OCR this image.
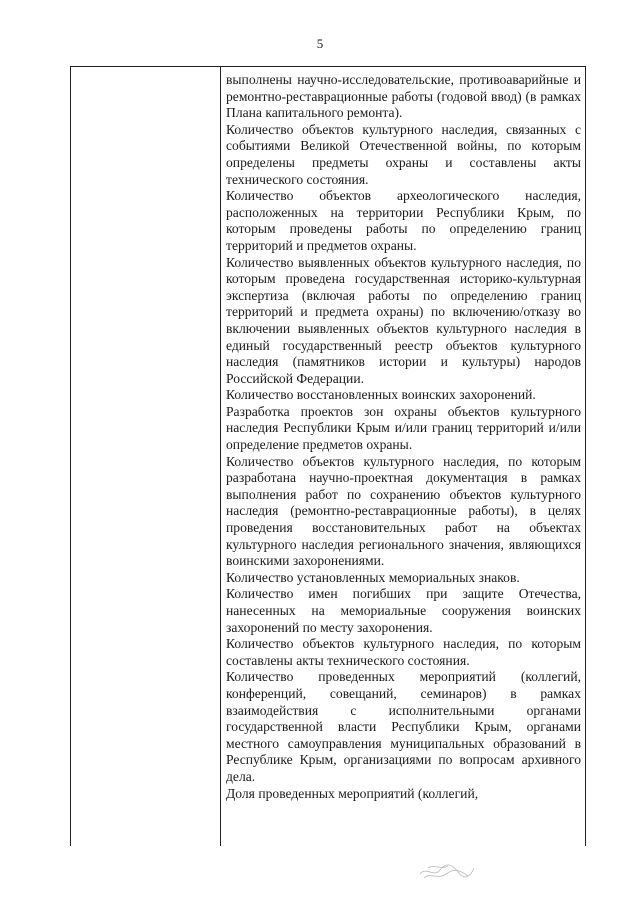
5

выполнены научно-исследовательские, противоаварийные и ремонтно-реставрационные работы (годовой ввод) (в рамках Плана капитального ремонта).

Количество объектов культурного наследия, связанных с событиями Великой Отечественной войны, по которым определены предметы охраны и составлены акты технического состояния.

Количество объектов археологического наследия, расположенных на территории Республики Крым, по которым проведены работы по определению границ территорий и предметов охраны.

Количество выявленных объектов культурного наследия, по которым проведена государственная историко-культурная экспертиза (включая работы по определению границ территорий и предмета охраны) по включению/отказу во включении выявленных объектов культурного наследия в единый государственный реестр объектов культурного наследия (памятников истории и культуры) народов Российской Федерации.

Количество восстановленных воинских захоронений.

Разработка проектов зон охраны объектов культурного наследия Республики Крым и/или границ территорий и/или определение предметов охраны.

Количество объектов культурного наследия, по которым разработана научно-проектная документация в рамках выполнения работ по сохранению объектов культурного наследия (ремонтно-реставрационные работы), в целях проведения восстановительных работ на объектах культурного наследия регионального значения, являющихся воинскими захоронениями.

Количество установленных мемориальных знаков.

Количество имен погибших при защите Отечества, нанесенных на мемориальные сооружения воинских захоронений по месту захоронения.

Количество объектов культурного наследия, по которым составлены акты технического состояния.

Количество проведенных мероприятий (коллегий, конференций, совещаний, семинаров) в рамках взаимодействия с исполнительными органами государственной власти Республики Крым, органами местного самоуправления муниципальных образований в Республике Крым, организациями по вопросам архивного дела.

Доля проведенных мероприятий (коллегий,
